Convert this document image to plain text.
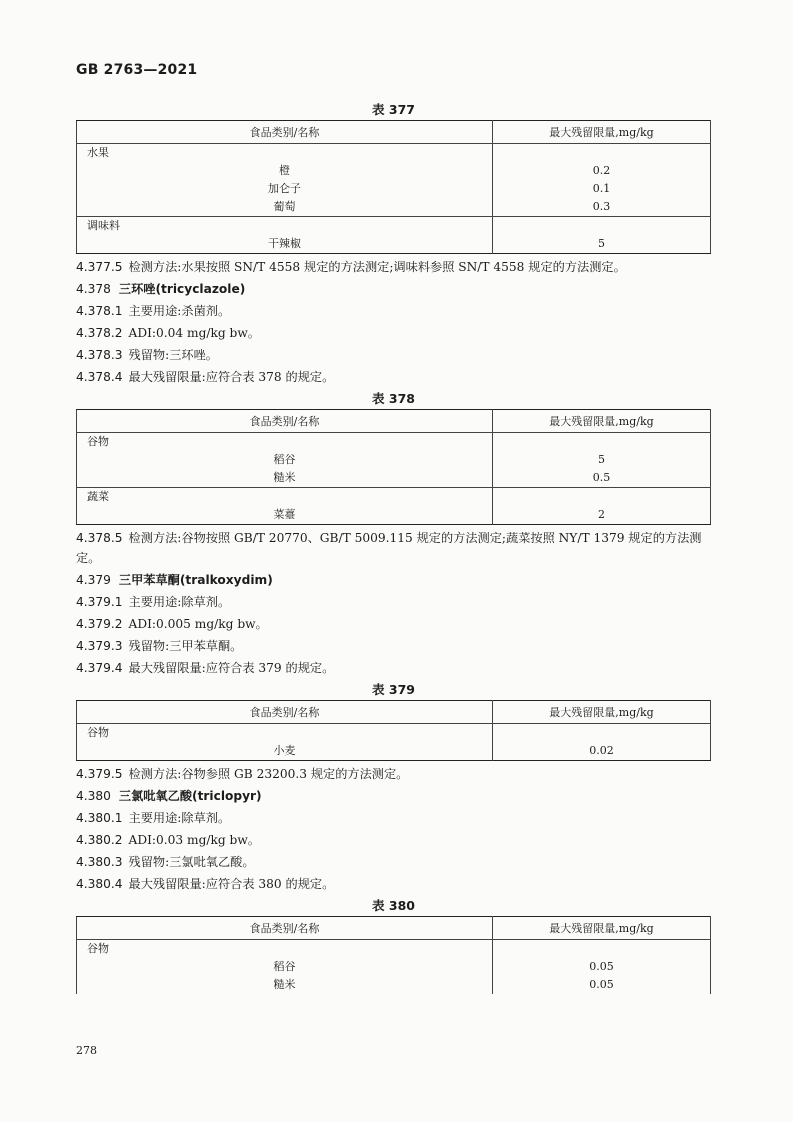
GB 2763—2021
表 377
食品类别/名称	最大残留限量,mg/kg
水果	
橙	0.2
加仑子	0.1
葡萄	0.3
调味料	
干辣椒	5
4.377.5 检测方法:水果按照 SN/T 4558 规定的方法测定;调味料参照 SN/T 4558 规定的方法测定。
4.378 三环唑(tricyclazole)
4.378.1 主要用途:杀菌剂。
4.378.2 ADI:0.04 mg/kg bw。
4.378.3 残留物:三环唑。
4.378.4 最大残留限量:应符合表 378 的规定。
表 378
食品类别/名称	最大残留限量,mg/kg
谷物	
稻谷	5
糙米	0.5
蔬菜	
菜薹	2
4.378.5 检测方法:谷物按照 GB/T 20770、GB/T 5009.115 规定的方法测定;蔬菜按照 NY/T 1379 规定的方法测定。
4.379 三甲苯草酮(tralkoxydim)
4.379.1 主要用途:除草剂。
4.379.2 ADI:0.005 mg/kg bw。
4.379.3 残留物:三甲苯草酮。
4.379.4 最大残留限量:应符合表 379 的规定。
表 379
食品类别/名称	最大残留限量,mg/kg
谷物	
小麦	0.02
4.379.5 检测方法:谷物参照 GB 23200.3 规定的方法测定。
4.380 三氯吡氧乙酸(triclopyr)
4.380.1 主要用途:除草剂。
4.380.2 ADI:0.03 mg/kg bw。
4.380.3 残留物:三氯吡氧乙酸。
4.380.4 最大残留限量:应符合表 380 的规定。
表 380
食品类别/名称	最大残留限量,mg/kg
谷物	
稻谷	0.05
糙米	0.05
278
